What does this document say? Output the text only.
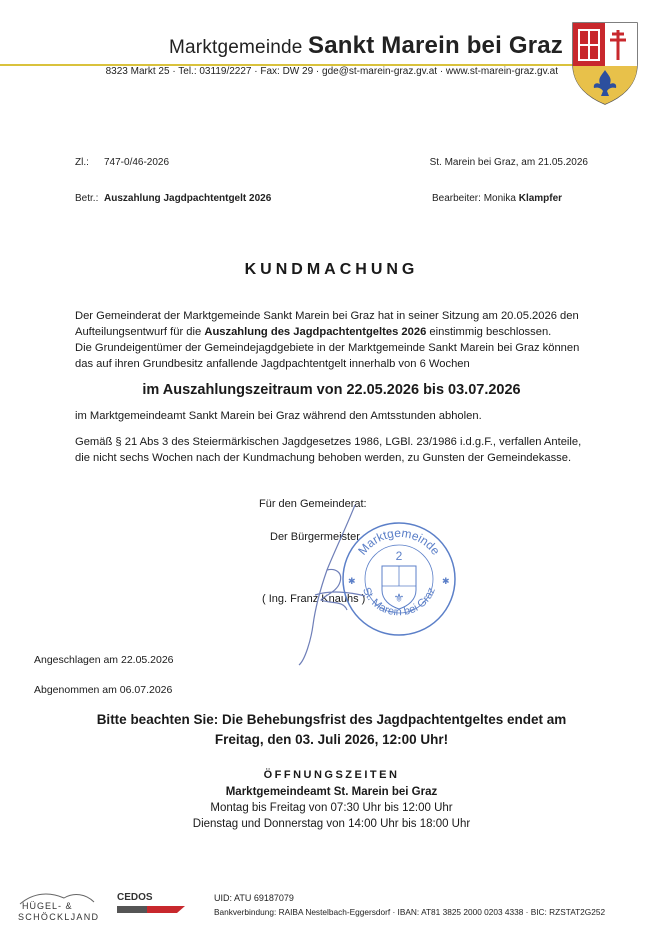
Marktgemeinde Sankt Marein bei Graz
8323 Markt 25 · Tel.: 03119/2227 · Fax: DW 29 · gde@st-marein-graz.gv.at · www.st-marein-graz.gv.at
Zl.: 747-0/46-2026	St. Marein bei Graz, am 21.05.2026
Betr.: Auszahlung Jagdpachtentgelt 2026	Bearbeiter: Monika Klampfer
KUNDMACHUNG
Der Gemeinderat der Marktgemeinde Sankt Marein bei Graz hat in seiner Sitzung am 20.05.2026 den Aufteilungsentwurf für die Auszahlung des Jagdpachtentgeltes 2026 einstimmig beschlossen.
Die Grundeigentümer der Gemeindejagdgebiete in der Marktgemeinde Sankt Marein bei Graz können das auf ihren Grundbesitz anfallende Jagdpachtentgelt innerhalb von 6 Wochen
im Auszahlungszeitraum von 22.05.2026 bis 03.07.2026
im Marktgemeindeamt Sankt Marein bei Graz während den Amtsstunden abholen.
Gemäß § 21 Abs 3 des Steiermärkischen Jagdgesetzes 1986, LGBl. 23/1986 i.d.g.F., verfallen Anteile, die nicht sechs Wochen nach der Kundmachung behoben werden, zu Gunsten der Gemeindekasse.
Für den Gemeinderat:
Der Bürgermeister
( Ing. Franz Knauhs )
Marktgemeinde
St. Marein bei Graz
2
⚜
✱	✱
Angeschlagen am 22.05.2026
Abgenommen am 06.07.2026
Bitte beachten Sie: Die Behebungsfrist des Jagdpachtentgeltes endet am
Freitag, den 03. Juli 2026, 12:00 Uhr!
ÖFFNUNGSZEITEN
Marktgemeindeamt St. Marein bei Graz
Montag bis Freitag von 07:30 Uhr bis 12:00 Uhr
Dienstag und Donnerstag von 14:00 Uhr bis 18:00 Uhr
HÜGEL- &
SCHÖCKLJAND
CEDOS	UID: ATU 69187079
Bankverbindung: RAIBA Nestelbach-Eggersdorf · IBAN: AT81 3825 2000 0203 4338 · BIC: RZSTAT2G252
